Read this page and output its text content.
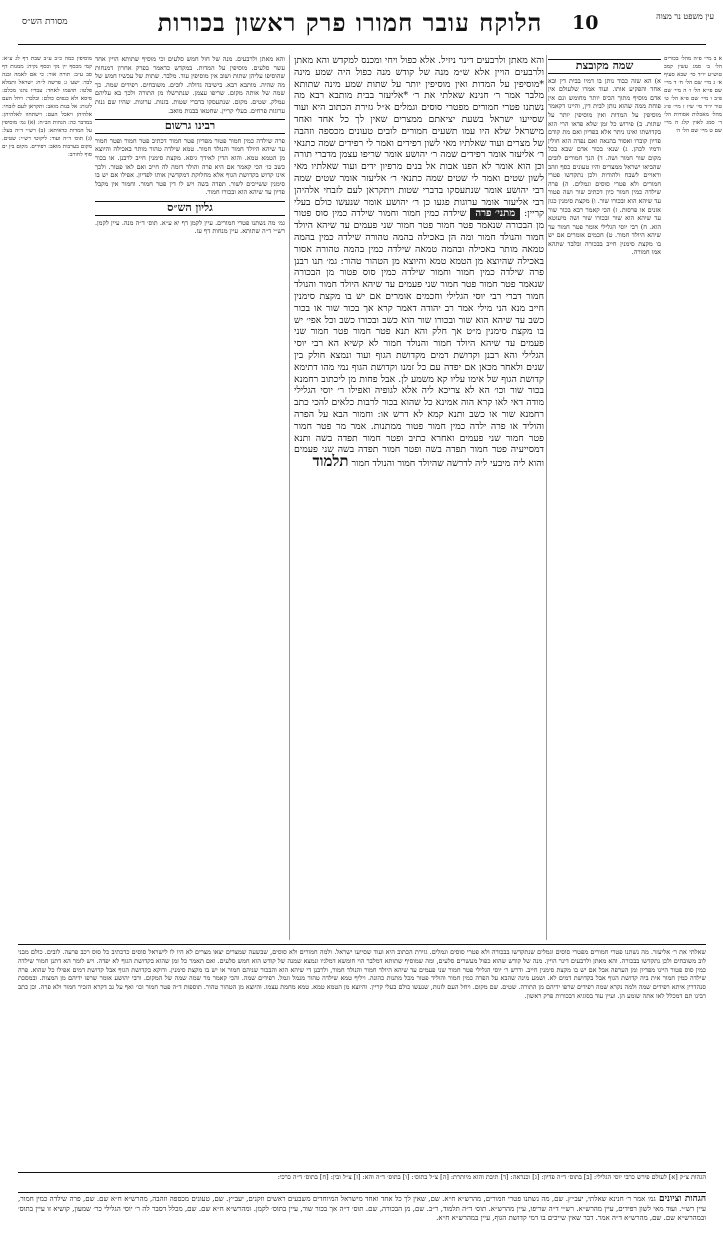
הלוקח עובר חמורו פרק ראשון בכורות	10
מסורת הש״ס
עין משפט נר מצוה
א ב מיי׳ פ״ה מהל׳ בכורים הל׳ ב׳ סמג עשין קמב טוש״ע יו״ד סי׳ שכא סעיף א׳ ג מיי׳ שם הל׳ ח׳ ד מיי׳ שם פי״א הל׳ ו׳ ה מיי׳ שם פ״ב ו מיי׳ שם פ״א הל׳ ט׳ טור יו״ד סי׳ שיז ז מיי׳ פ״ג מהל׳ מאכלות אסורות הל׳ ד׳ סמג לאוין קלג ח מיי׳ שם ט מיי׳ שם הל׳ ה׳
שמה מקובצת
א) הא שזה כבוד נותן בו דמיו בבית דין ובא אחד והפקיע אותו. ועוד אמרו שלעולם אין אדם מוסיף מתוך הכיס יותר מחומש וגם אין פוחת ממה שהוא נותן לבית דין, והיינו דקאמר מוסיפין על המדות ואין מוסיפין יותר על שתות. ב) פירוש כל זמן שלא פדאו הרי הוא בקדושתו ואינו ניתר אלא בפדיון ואם מת קודם פדיון קוברו ואסור בהנאה ואם נפדה הוא חולין ודמיו לכהן. ג) שנא׳ בכור אדם שבא בכל מקום שור חמור ושה. ד) הנך חמורים לובים שהביאו ישראל ממצרים והיו טעונים כסף וזהב וראויים לשבח ולהודות ולכן נתקדשו פטרי חמורים ולא פטרי סוסים וגמלים. ה) פרה שילדה כמין חמור כיון דכתיב שור ושה פטור עד שיהא הוא ובכורו שור. ו) מקצת סימנין כגון אזנים או פרסות. ז) הכי קאמר רבא בכור שור עד שיהא הוא שור ובכורו שור ושה מיעוטא הוא. ח) רבי יוסי הגלילי אומר פטר חמור עד שיהא היולד חמור. ט) חכמים אומרים אם יש בו מקצת סימנין חייב בבכורה ובלבד שתהא אמו חמורה.
והא מאתן ולרבעים דינר ניזיל. אלא כפול ויחי ומכנס למקדש והא מאתן ולרבעים הויין אלא ש״מ מנה של קודש מנה כפול היה שמע מינה *מוסיפין על המדות ואין מוסיפין יותר על שתות שמע מינה שתותא מלבר אמר ר׳ חנינא שאלתי את ר׳ *אליעזר בבית מותבא רבא מה נשתנו פטרי חמורים מפטרי סוסים וגמלים א״ל גזירת הכתוב היא ועוד שסייעו ישראל בשעת יציאתם ממצרים שאין לך כל אחד ואחד מישראל שלא היו עמו תשעים חמורים לובים טעונים מכספה וזהבה של מצרים ועוד שאלתיו מאי לשון רפידים ואמר לי רפידים שמה כתנאי ר׳ אליעזר אומר רפידים שמה ר׳ יהושע אומר שריפו עצמן מדברי תורה וכן הוא אומר לא הפנו אבות אל בנים מרפיון ידים ועוד שאלתיו מאי לשון שטים ואמר לי שטים שמה כתנאי ר׳ אליעזר אומר שטים שמה רבי יהושע אומר שנתעסקו בדברי שטות ויתקראן לעם לזבחי אלהיהן רבי אליעזר אומר ערוגות פגעו כן ר׳ יהושע אומר שנעשו כולם בעלי קריין: מתני׳ פרה שילדה כמין חמור וחמור שילדה כמין סוס פטור מן הבכורה שנאמר פטר חמור פטר חמור שני פעמים עד שיהא היולד חמור והנולד חמור ומה הן באכילה בהמה טהורה שילדה כמין בהמה טמאה מותר באכילה ובהמה טמאה שילדה כמין בהמה טהורה אסור באכילה שהיוצא מן הטמא טמא והיוצא מן הטהור טהור: גמ׳ תנו רבנן פרה שילדה כמין חמור וחמור שילדה כמין סוס פטור מן הבכורה שנאמר פטר חמור פטר חמור שני פעמים עד שיהא היולד חמור והנולד חמור דברי רבי יוסי הגלילי וחכמים אומרים אם יש בו מקצת סימנין חייב מנא הני מילי אמר רב יהודה דאמר קרא אך בכור שור או בכור כשב עד שיהא הוא שור ובכורו שור הוא כשב ובכורו כשב וכל אפי׳ יש בו מקצת סימנין מ״ט אך חלק והא תנא פטר חמור פטר חמור שני פעמים עד שיהא היולד חמור והנולד חמור לא קשיא הא רבי יוסי הגלילי והא רבנן וקדושת דמים מקדושת הגוף ועוד ונמצא חולק בין שנים ולאחר מכאן אם יפדה עם כל זמנו וקדושת הגוף נמי מהו דתימא קדושת הגוף של אימו עליו קא משמע לן. אבל פחות מן ליכתוב רחמנא בכור שור וכו׳ הא לא צריכא ליה אלא לגופיה ואפילו ר׳ יוסי הגלילי מודה דאי לאו קרא הוה אמינא כל שהוא בכור לרבות כלאים להכי כתב רחמנא שור או כשב ותנא קמא לא דרש או: וחמור הבא על הפרה והוליד או פרה ילדה כמין חמור פטור ממתנות. אמר מר פטר חמור פטר חמור שני פעמים ואחרא כתיב ופטר חמור תפדה בשה ותנא דמסייעיה פטר חמור תפדה בשה ופטר חמור תפדה בשה שני פעמים והוא ליה מיבעי ליה לדרשה שהיולד חמור והנולד חמור תלמוד
והא מאתן ולרבעים. מנה של חול חמש סלעים וכי מוסיף שתותא הויין אחד עשר סלעים. מוסיפין על המדות. במקדש כדאמר בפרק אחרון דמנחות שהוסיפו עליהן שתות ושוב אין מוסיפין עוד. מלבר. שתות של עכשיו חמש של מה שהיה. מותבא רבא. בישיבה גדולה. לובים. משובחים. רפידים שמה. כך שמה של אותה מקום. שריפו עצמן. שנתרשלו מן התורה ולכך בא עליהם עמלק. שטים. מקום. שנתעסקו בדברי שטות. בזנות. ערוגות. שהיו שם גנות ערוגות פרחים. בעלי קריין. שחטאו בבנות מואב.
רבינו גרשום
פרה שילדה כמין חמור פטור מפדיון פטר חמור דכתיב פטר חמור ופטר חמור עד שיהא היולד חמור והנולד חמור. טמא שילדה טהור מותר באכילה והיוצא מן הטמא טמא. והוא הדין לאידך גיסא. מקצת סימנין חייב לרבנן. או בכור כשב כו׳ הכי קאמר אם היא פרה והולד דומה לה חייב ואם לאו פטור. ולכך אינו קדוש בקדושת הגוף אלא מחלוקת דמקדשין אותו לפדיון. אפילו אם יש בו סימנין ששייכים לשור. תפדה בשה ויש לו דין פטר חמור. וחמור אין מקבל פדיון עד שיהא הוא ובכורו חמור.
גליון הש״ס
גמ׳ מה נשתנו פטרי חמורים. עיין לקמן דף יא ע״א. תוס׳ ד״ה מנה. עיין לקמן. רש״י ד״ה שתותא. עיין מנחות דף עז.
מוסיפין כמה כ״ב ע״ב שבת דף לג ע״א: קמי מכסף יין נקי וכסף נקיה: ממנות דף סב ע״ב: תורה אור: כי אם לאמה ובנה לבד: ישע׳ ג: פרשה ל״ח: ישראל ותמלא פלטו: תושמו לאחד: עבדיו נהגו מכלם: סיסא ולא כנפים כולם: ובלבד: ויחל העם לזנות: אל בנות מואב: ותקראן לעם לזבחי: אלהיהן ויאכל העם: וישתחוו לאלהיהן: במדבר כה: הגהות הב״ח: (א) גמ׳ מוסיפין על המדות כדאיתא: (ב) רש״י ד״ה בעל: (ג) תוס׳ ד״ה ועוד: ליקוטי רש״י: שטים. מקום בערבות מואב: רפידים. מקום בין ים סוף לחורב:
שאלתי את ר׳ אליעזר. מה נשתנו פטרי חמורים מפטרי סוסים וגמלים שנתקדשו בבכורה ולא פטרי סוסים וגמלים. גזירת הכתוב היא ועוד שסייעו ישראל. ולמה חמורים ולא סוסים, שבשעה שמצרים יצאו מצרים לא היו לו לישראל סוסים כדכתיב כל סוס רכב פרעה. לובים. כולם מבני לוב משובחים ולכן נתקדשו בבכורה. והא מאתן ולרבעים דינר הויין. מנה של קודש שהוא כפול מעשרים סלעים, ומה שמוסיף שתותא דמלבר הוי חומשא דמלגיו ונמצא שמנה של קודש הוא חמש סלעים. ואם תאמר כל זמן שהוא בקדושת הגוף לא יפדה. ויש לומר הא דתנן חמור שילדה כמין סוס פטור היינו מפדיון ומן הערפה אבל אם יש בו מקצת סימנין חייב. ודרש ר׳ יוסי הגלילי פטר חמור שני פעמים עד שיהא היולד חמור והנולד חמור, ולרבנן די שיהא הוא והבכור שניהם חמור או יש בו מקצת סימנין. ודוקא בקדושת הגוף אבל קדושת דמים אפילו כל שהוא. פרה שילדה כמין חמור אית ביה קדושת הגוף אבל בקדושת דמים לא. ושמע מינה שהבא על הפרה כמין חמור והוליד פטור מכל מתנות כהונה. ויליף טמא שילדה טהור מגמל וגמל. רפידים שמה. והכי קאמר מר שמה שמה של המקום. ורבי יהושע אומר שרפו ידיהם מן המצות. ובמסכת סנהדרין איתא רפידים שמה ולמה נקרא שמה רפידים שרפו ידיהם מן התורה. שטים. שם מקום. ויחל העם לזנות, שנעשו כולם בעלי קריין. והיוצא מן הטמא טמא. טמא מחמת עצמו. והיוצא מן הטהור טהור. תוספות ד״ה פטר חמור וכו׳ ואף על גב דקרא הזכיר חמור ולא פרה. וכן כתב רבינו תם דמכלל לאו אתה שומע הן. ועיין עוד בסוגיא דבכורות פרק ראשון.
הגהות צ״ק [א] לעולם פירש כרבי יוסי הגלילי: [ב] בתוס׳ ד״ה פדיון: [ג] וכנראה: [ד] תיבת והוא מיותרת: [ה] צ״ל בתוס׳: [ו] בתוס׳ ד״ה והא: [ז] צ״ל ובין: [ח] בתוס׳ ד״ה כרכי:
הגהות וציונים גמ׳ אמר ר׳ חנינא שאלתי, יעב״ץ. שם, מה נשתנו פטרי חמורים, מהרש״א ח״א. שם, שאין לך כל אחד ואחד מישראל המיוחדים משבעים ראשים וזקנים, יעב״ץ. שם, טעונים מכספה וזהבה, מהרש״א ח״א שם. שם, פרה שילדה כמין חמור, עיין רש״י. ועוד מאי לשון רפידים, עיין מהרש״א. רש״י ד״ה שריפו, עיין מהרש״א. תוס׳ ד״ה תלמוד, ר״ב. שם, מן הבכורה, שם. תוס׳ ד״ה אך בכור שור, עיין בתוס׳ לקמן. ומהרש״א ח״א שם. שם, מכלל דסבר לה ר׳ יוסי הגלילי כר׳ שמעון, קושיא זו עיין בתוס׳ ובמהרש״א שם. שם, מהרש״א ד״ה אמר. דבר שאין שייכים בו דמי קדושת הגוף, עיין במהרש״א ח״א.
